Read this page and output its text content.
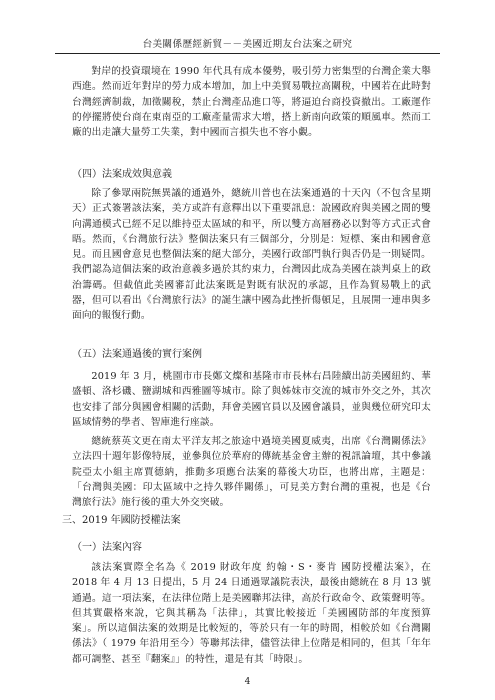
台美關係歷經新貿－－美國近期友台法案之研究

對岸的投資環境在 1990 年代具有成本優勢，吸引勞力密集型的台灣企業大舉西進。然而近年對岸的勞力成本增加，加上中美貿易戰拉高關稅，中國若在此時對台灣經濟制裁，加徵關稅，禁止台灣產品進口等，將逼迫台商投資撤出。工廠運作的停擺將使台商在東南亞的工廠產量需求大增，搭上新南向政策的順風車。然而工廠的出走讓大量勞工失業，對中國而言損失也不容小覷。

（四）法案成效與意義

除了參眾兩院無異議的通過外，總統川普也在法案通過的十天內（不包含星期天）正式簽署該法案，美方或許有意釋出以下重要訊息：說國政府與美國之間的雙向溝通模式已經不足以維持亞太區域的和平，所以雙方高層務必以對等方式正式會晤。然而，《台灣旅行法》整個法案只有三個部分，分別是：短標、案由和國會意見。而且國會意見也整個法案的絕大部分，美國行政部門執行與否仍是一則疑問。我們認為這個法案的政治意義多過於其約束力，台灣因此成為美國在談判桌上的政治籌碼。但截值此美國審訂此法案既是對既有狀況的承認，且作為貿易戰上的武器，但可以看出《台灣旅行法》的誕生讓中國為此挫折傷頓足，且展開一連串與多面向的報復行動。

（五）法案通過後的實行案例

2019 年 3 月，桃園市市長鄭文燦和基隆市市長林右昌陸續出訪美國紐約、華盛頓、洛杉磯、鹽湖城和西雅圖等城市。除了與姊妹市交流的城市外交之外，其次也安排了部分與國會相關的活動，拜會美國官員以及國會議員，並與幾位研究印太區域情勢的學者、智庫進行座談。

總統蔡英文更在南太平洋友邦之旅途中過境美國夏威夷，出席《台灣關係法》立法四十週年影像特展，並參與位於華府的傳統基金會主辦的視訊論壇，其中參議院亞太小組主席賈德納，推動多項應台法案的幕後大功臣，也將出席，主題是：「台灣與美國：印太區域中之持久夥伴關係」，可見美方對台灣的重視，也是《台灣旅行法》施行後的重大外交突破。

三、2019 年國防授權法案
（一）法案內容

該法案實際全名為《 2019 財政年度 約翰・S・麥肯 國防授權法案》，在 2018 年 4 月 13 日提出，5 月 24 日通過眾議院表決，最後由總統在 8 月 13 號通過。這一項法案，在法律位階上是美國聯邦法律，高於行政命令、政策聲明等。但其實嚴格來說，它與其稱為「法律」，其實比較接近「美國國防部的年度預算案」。所以這個法案的效期是比較短的，等於只有一年的時間，相較於如《台灣關係法》（ 1979 年沿用至今）等聯邦法律，儘管法律上位階是相同的，但其「年年都可調整、甚至『翻案』」的特性，還是有其「時限」。

4
